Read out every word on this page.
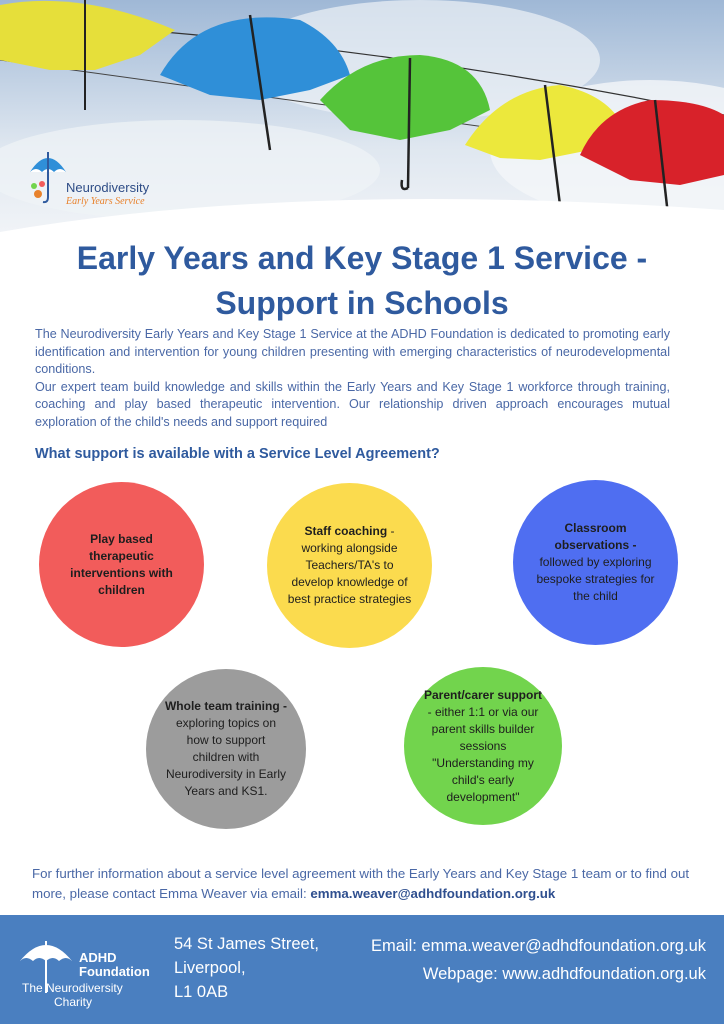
Neurodiversity
Early Years Service
Early Years and Key Stage 1 Service -
Support in Schools

The Neurodiversity Early Years and Key Stage 1 Service at the ADHD Foundation is dedicated to promoting early identification and intervention for young children presenting with emerging characteristics of neurodevelopmental conditions.

Our expert team build knowledge and skills within the Early Years and Key Stage 1 workforce through training, coaching and play based therapeutic intervention. Our relationship driven approach encourages mutual exploration of the child's needs and support required

What support is available with a Service Level Agreement?
Play based therapeutic interventions with children
Staff coaching - working alongside Teachers/TA's to develop knowledge of best practice strategies
Classroom observations - followed by exploring bespoke strategies for the child
Whole team training - exploring topics on how to support children with Neurodiversity in Early Years and KS1.
Parent/carer support - either 1:1 or via our parent skills builder sessions "Understanding my child's early development"

For further information about a service level agreement with the Early Years and Key Stage 1 team or to find out more, please contact Emma Weaver via email: emma.weaver@adhdfoundation.org.uk

ADHD
Foundation
The Neurodiversity
Charity
54 St James Street,
Liverpool,
L1 0AB
Email: emma.weaver@adhdfoundation.org.uk
Webpage: www.adhdfoundation.org.uk
